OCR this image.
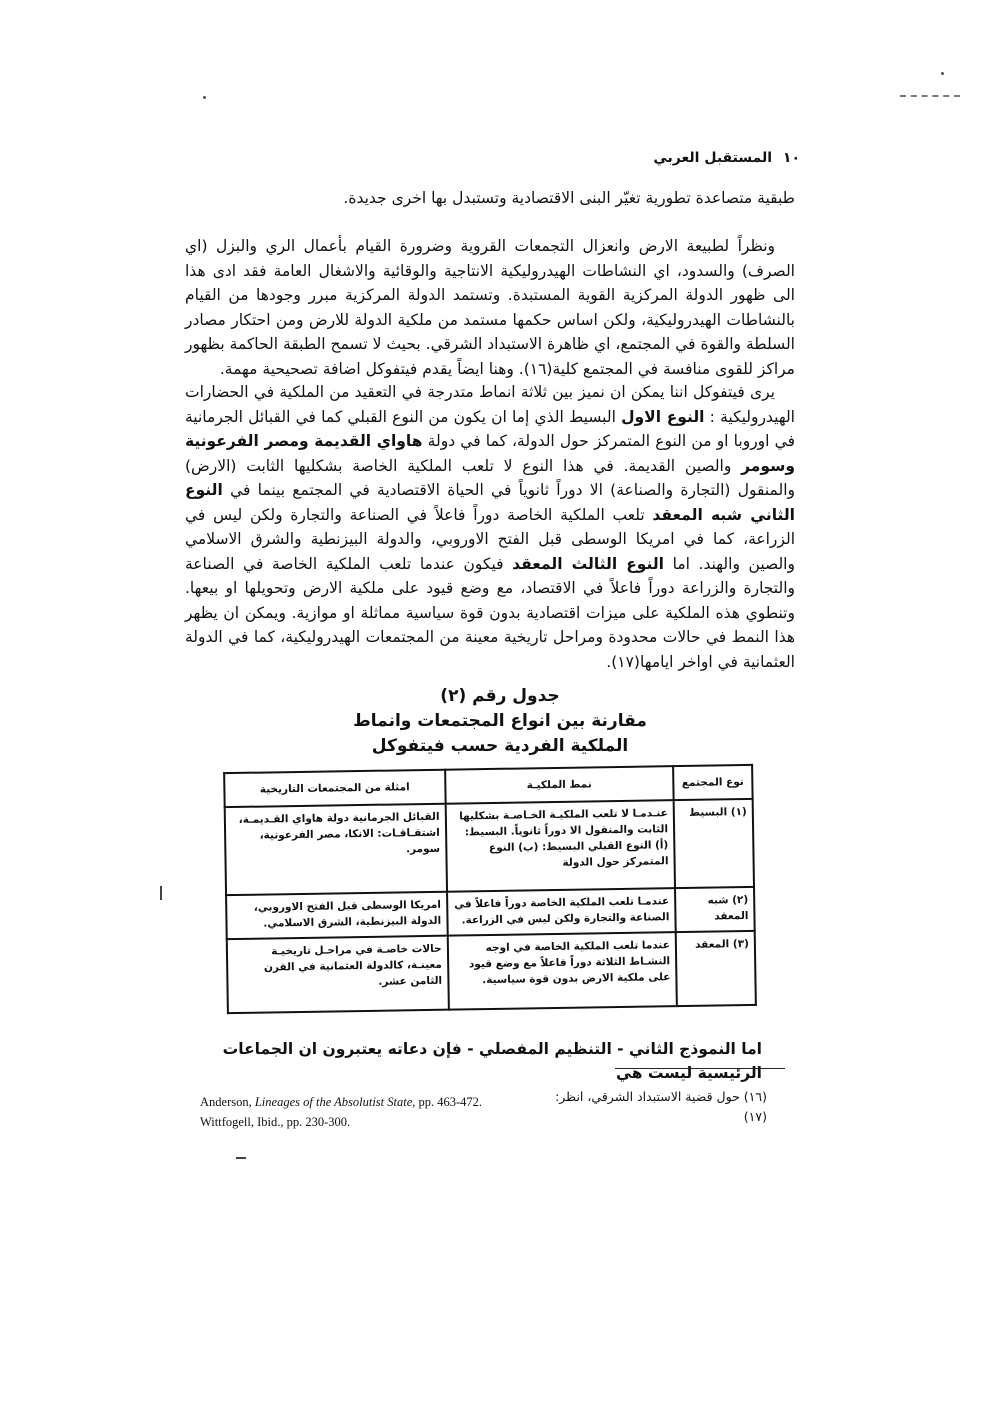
١٠ المستقبل العربي

طبقية متصاعدة تطورية تغيّر البنى الاقتصادية وتستبدل بها اخرى جديدة.

ونظراً لطبيعة الارض وانعزال التجمعات القروية وضرورة القيام بأعمال الري والبزل (اي الصرف) والسدود، اي النشاطات الهيدروليكية الانتاجية والوقائية والاشغال العامة فقد ادى هذا الى ظهور الدولة المركزية القوية المستبدة. وتستمد الدولة المركزية مبرر وجودها من القيام بالنشاطات الهيدروليكية، ولكن اساس حكمها مستمد من ملكية الدولة للارض ومن احتكار مصادر السلطة والقوة في المجتمع، اي ظاهرة الاستبداد الشرقي. بحيث لا تسمح الطبقة الحاكمة بظهور مراكز للقوى منافسة في المجتمع كلية(١٦). وهنا ايضاً يقدم فيتفوكل اضافة تصحيحية مهمة.

يرى فيتفوكل اننا يمكن ان نميز بين ثلاثة انماط متدرجة في التعقيد من الملكية في الحضارات الهيدروليكية : النوع الاول البسيط الذي إما ان يكون من النوع القبلي كما في القبائل الجرمانية في اوروبا او من النوع المتمركز حول الدولة، كما في دولة هاواي القديمة ومصر الفرعونية وسومر والصين القديمة. في هذا النوع لا تلعب الملكية الخاصة بشكليها الثابت (الارض) والمنقول (التجارة والصناعة) الا دوراً ثانوياً في الحياة الاقتصادية في المجتمع بينما في النوع الثاني شبه المعقد تلعب الملكية الخاصة دوراً فاعلاً في الصناعة والتجارة ولكن ليس في الزراعة، كما في امريكا الوسطى قبل الفتح الاوروبي، والدولة البيزنطية والشرق الاسلامي والصين والهند. اما النوع الثالث المعقد فيكون عندما تلعب الملكية الخاصة في الصناعة والتجارة والزراعة دوراً فاعلاً في الاقتصاد، مع وضع قيود على ملكية الارض وتحويلها او بيعها. وتنطوي هذه الملكية على ميزات اقتصادية بدون قوة سياسية مماثلة او موازية. ويمكن ان يظهر هذا النمط في حالات محدودة ومراحل تاريخية معينة من المجتمعات الهيدروليكية، كما في الدولة العثمانية في اواخر ايامها(١٧).

جدول رقم (٢)
مقارنة بين انواع المجتمعات وانماط
الملكية الفردية حسب فيتفوكل
نوع المجتمع	نمط الملكيـة	امثلة من المجتمعات التاريخية
(١) البسيط	عنـدمـا لا تلعب الملكيـة الخـاصـة بشكليها الثابت والمنقول الا دوراً ثانوياً. البسيط: (أ) النوع القبلي البسيط: (ب) النوع المتمركز حول الدولة	القبائل الجرمانية دولة هاواي القـديمـة، اشتقـاقـات: الانكا، مصر الفرعونية، سومر.
(٢) شبه المعقد	عندمـا تلعب الملكية الخاصة دوراً فاعلاً في الصناعة والتجارة ولكن ليس في الزراعة.	امريكا الوسطى قبل الفتح الاوروبي، الدولة البيزنطية، الشرق الاسلامي.
(٣) المعقد	عندما تلعب الملكية الخاصة في اوجه النشـاط الثلاثة دوراً فاعلاً مع وضع قيود على ملكية الارض بدون قوة سياسية.	حالات خاصـة في مراحـل تاريخيـة معينـة، كالدولة العثمانية في القرن الثامن عشر.
اما النموذج الثاني - التنظيم المفصلي - فإن دعاته يعتبرون ان الجماعات الرئيسية ليست هي
(١٦) حول قضية الاستبداد الشرقي، انظر:
(١٧)
Anderson, Lineages of the Absolutist State, pp. 463-472.
Wittfogell, Ibid., pp. 230-300.
